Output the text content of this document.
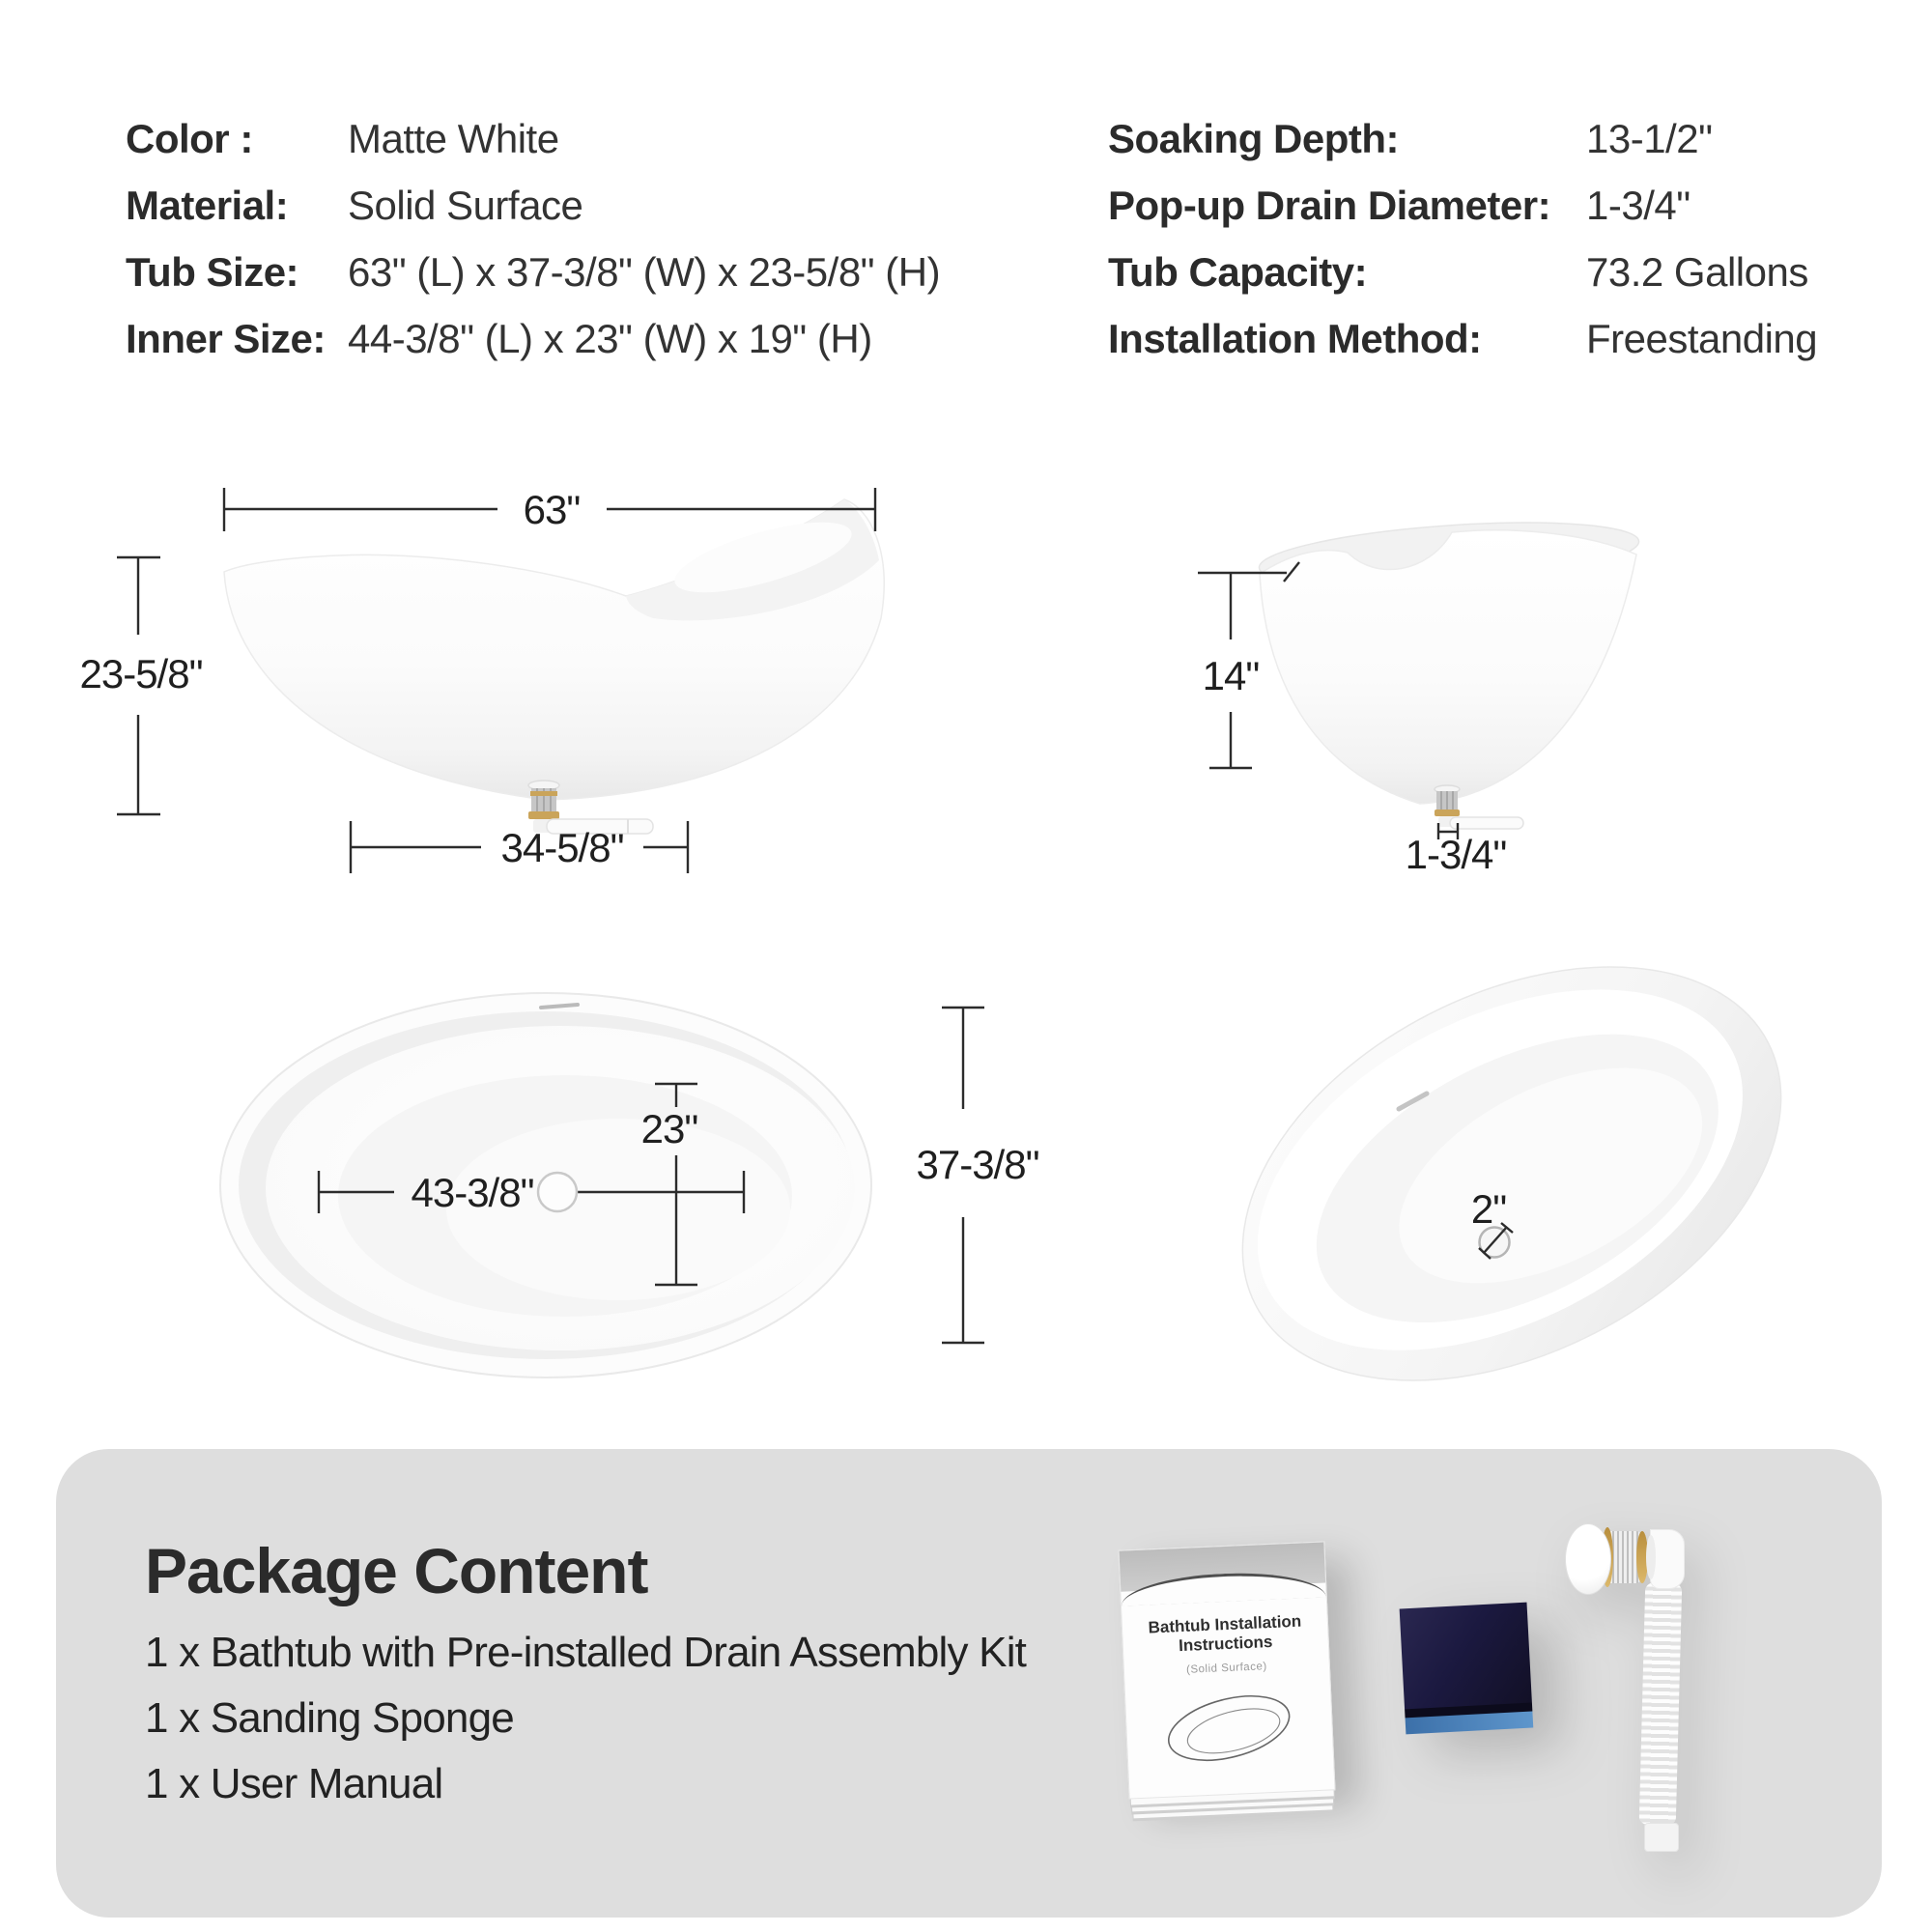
Color : Matte White
Material: Solid Surface
Tub Size: 63" (L) x 37-3/8" (W) x 23-5/8" (H)
Inner Size: 44-3/8" (L) x 23" (W) x 19" (H)
Soaking Depth:	13-1/2"
Pop-up Drain Diameter: 1-3/4"
Tub Capacity:	73.2 Gallons
Installation Method:	Freestanding
63"
23-5/8"
34-5/8"
14"
1-3/4"
43-3/8"
23"
37-3/8"
2"
Package Content
1 x Bathtub with Pre-installed Drain Assembly Kit
1 x Sanding Sponge
1 x User Manual
Bathtub Installation Instructions
(Solid Surface)
